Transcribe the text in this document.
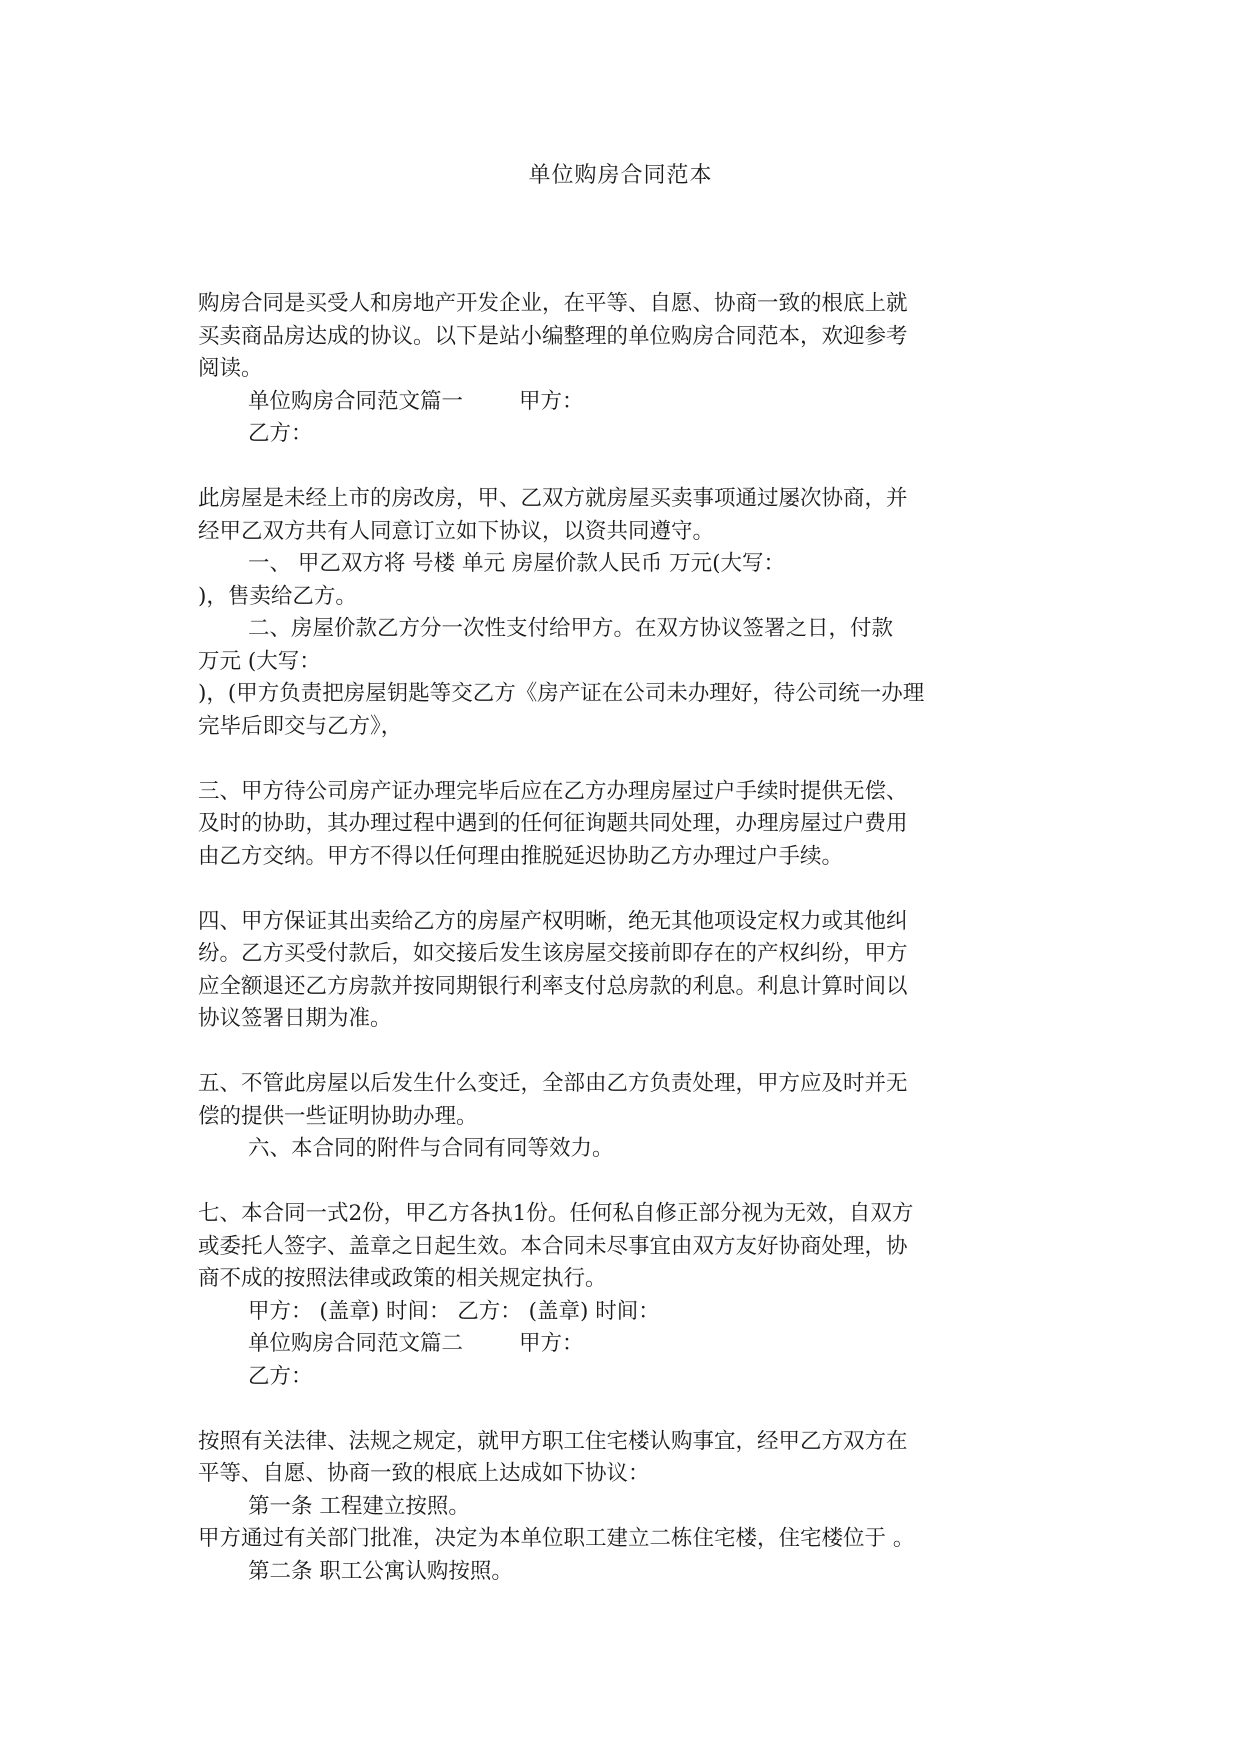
单位购房合同范本

购房合同是买受人和房地产开发企业，在平等、自愿、协商一致的根底上就

买卖商品房达成的协议。以下是站小编整理的单位购房合同范本，欢迎参考

阅读。

单位购房合同范文篇一	甲方：

乙方：

此房屋是未经上市的房改房，甲、乙双方就房屋买卖事项通过屡次协商，并

经甲乙双方共有人同意订立如下协议，以资共同遵守。

一、 甲乙双方将 号楼 单元 房屋价款人民币 万元(大写：

)，售卖给乙方。

二、房屋价款乙方分一次性支付给甲方。在双方协议签署之日，付款

万元 (大写：

)，(甲方负责把房屋钥匙等交乙方《房产证在公司未办理好，待公司统一办理

完毕后即交与乙方》，

三、甲方待公司房产证办理完毕后应在乙方办理房屋过户手续时提供无偿、

及时的协助，其办理过程中遇到的任何征询题共同处理，办理房屋过户费用

由乙方交纳。甲方不得以任何理由推脱延迟协助乙方办理过户手续。

四、甲方保证其出卖给乙方的房屋产权明晰，绝无其他项设定权力或其他纠

纷。乙方买受付款后，如交接后发生该房屋交接前即存在的产权纠纷，甲方

应全额退还乙方房款并按同期银行利率支付总房款的利息。利息计算时间以

协议签署日期为准。

五、不管此房屋以后发生什么变迁，全部由乙方负责处理，甲方应及时并无

偿的提供一些证明协助办理。

六、本合同的附件与合同有同等效力。

七、本合同一式2份，甲乙方各执1份。任何私自修正部分视为无效，自双方

或委托人签字、盖章之日起生效。本合同未尽事宜由双方友好协商处理，协

商不成的按照法律或政策的相关规定执行。

甲方： (盖章) 时间： 乙方： (盖章) 时间：

单位购房合同范文篇二	甲方：

乙方：

按照有关法律、法规之规定，就甲方职工住宅楼认购事宜，经甲乙方双方在

平等、自愿、协商一致的根底上达成如下协议：

第一条 工程建立按照。

甲方通过有关部门批准，决定为本单位职工建立二栋住宅楼，住宅楼位于 。

第二条 职工公寓认购按照。
